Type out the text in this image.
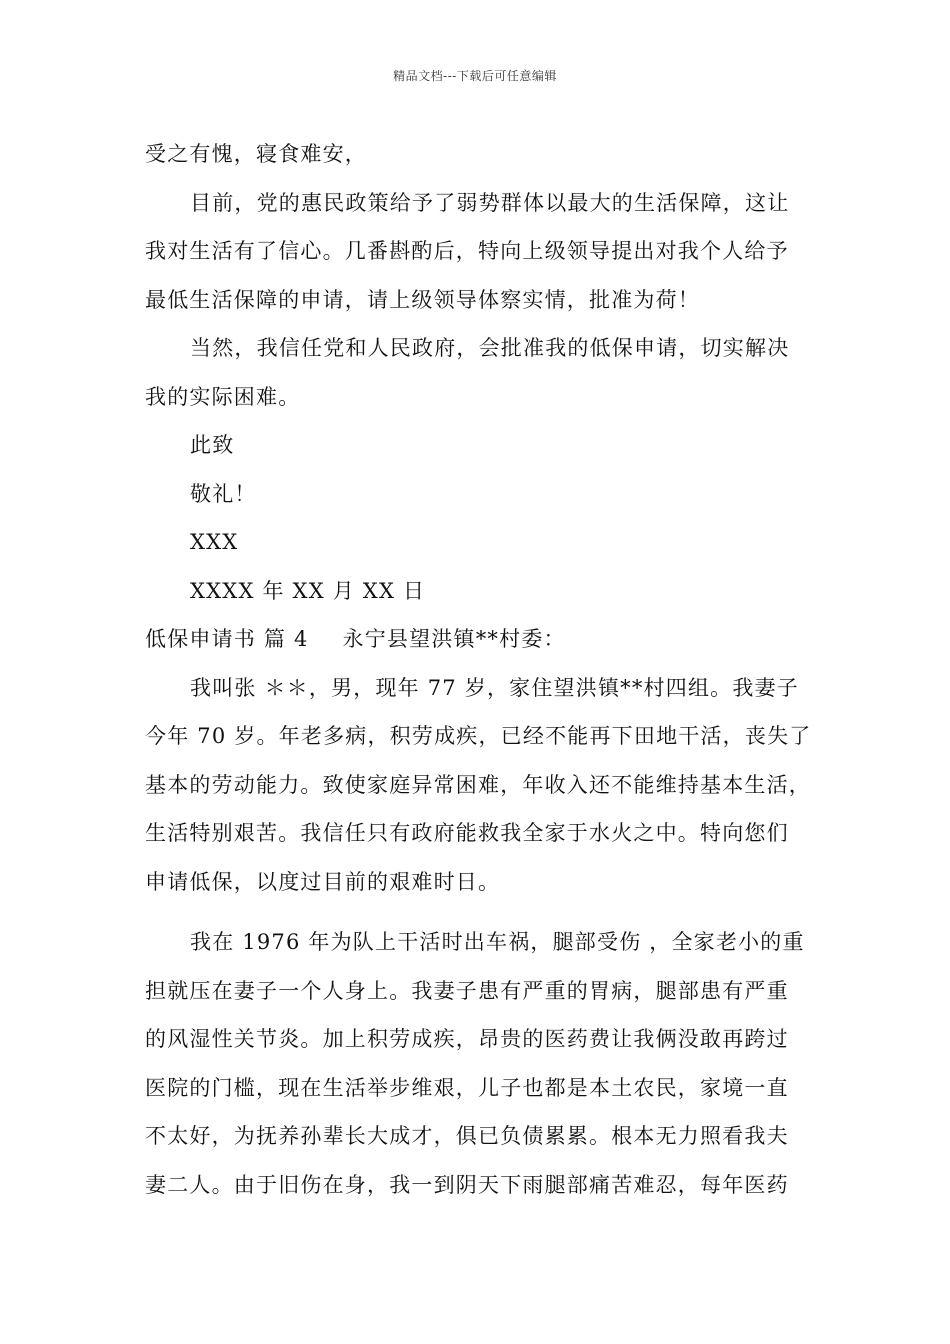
精品文档---下载后可任意编辑
受之有愧，寝食难安，
目前，党的惠民政策给予了弱势群体以最大的生活保障，这让
我对生活有了信心。几番斟酌后，特向上级领导提出对我个人给予
最低生活保障的申请，请上级领导体察实情，批准为荷！
当然，我信任党和人民政府，会批准我的低保申请，切实解决
我的实际困难。
此致
敬礼！
XXX
XXXX 年 XX 月 XX 日
低保申请书 篇 4 永宁县望洪镇**村委：
我叫张 ＊＊，男，现年 77 岁，家住望洪镇**村四组。我妻子
今年 70 岁。年老多病，积劳成疾，已经不能再下田地干活，丧失了
基本的劳动能力。致使家庭异常困难，年收入还不能维持基本生活，
生活特别艰苦。我信任只有政府能救我全家于水火之中。特向您们
申请低保，以度过目前的艰难时日。
我在 1976 年为队上干活时出车祸，腿部受伤 ，全家老小的重
担就压在妻子一个人身上。我妻子患有严重的胃病，腿部患有严重
的风湿性关节炎。加上积劳成疾，昂贵的医药费让我俩没敢再跨过
医院的门槛，现在生活举步维艰，儿子也都是本土农民，家境一直
不太好，为抚养孙辈长大成才，俱已负债累累。根本无力照看我夫
妻二人。由于旧伤在身，我一到阴天下雨腿部痛苦难忍，每年医药
